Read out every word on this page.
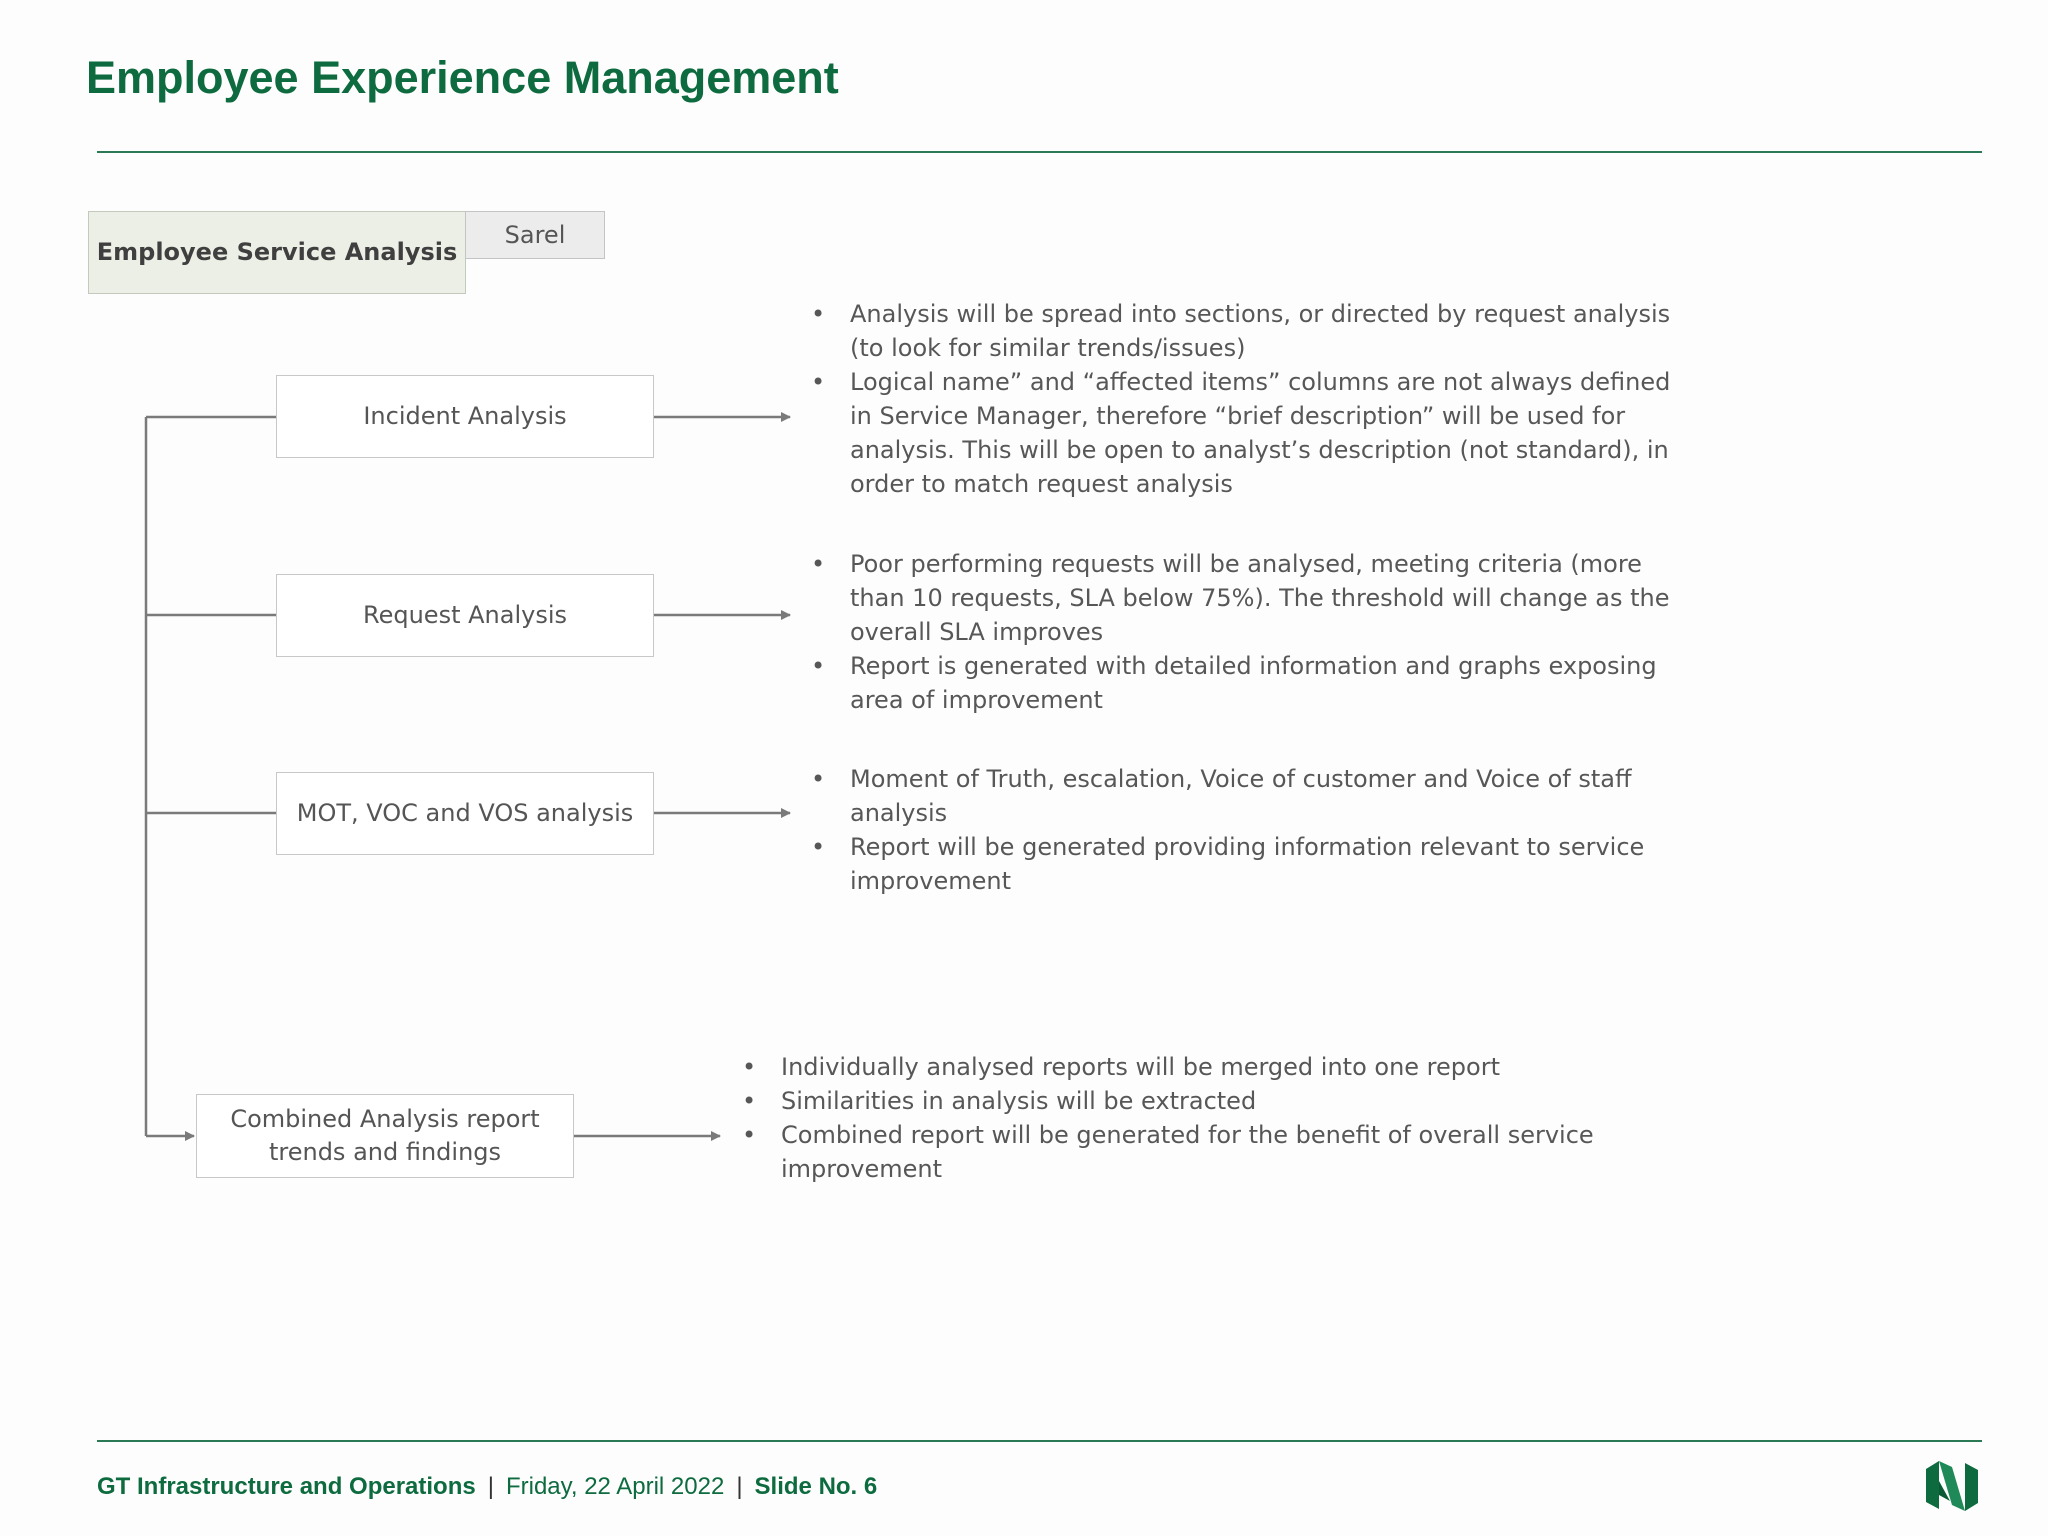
Employee Experience Management
Employee Service Analysis
Sarel
Incident Analysis
Request Analysis
MOT, VOC and VOS analysis
Combined Analysis report
trends and findings
• Analysis will be spread into sections, or directed by request analysis (to look for similar trends/issues)
• Logical name” and “affected items” columns are not always defined in Service Manager, therefore “brief description” will be used for analysis. This will be open to analyst’s description (not standard), in order to match request analysis
• Poor performing requests will be analysed, meeting criteria (more than 10 requests, SLA below 75%). The threshold will change as the overall SLA improves
• Report is generated with detailed information and graphs exposing area of improvement
• Moment of Truth, escalation, Voice of customer and Voice of staff analysis
• Report will be generated providing information relevant to service improvement
• Individually analysed reports will be merged into one report
• Similarities in analysis will be extracted
• Combined report will be generated for the benefit of overall service improvement
GT Infrastructure and Operations | Friday, 22 April 2022 | Slide No. 6
